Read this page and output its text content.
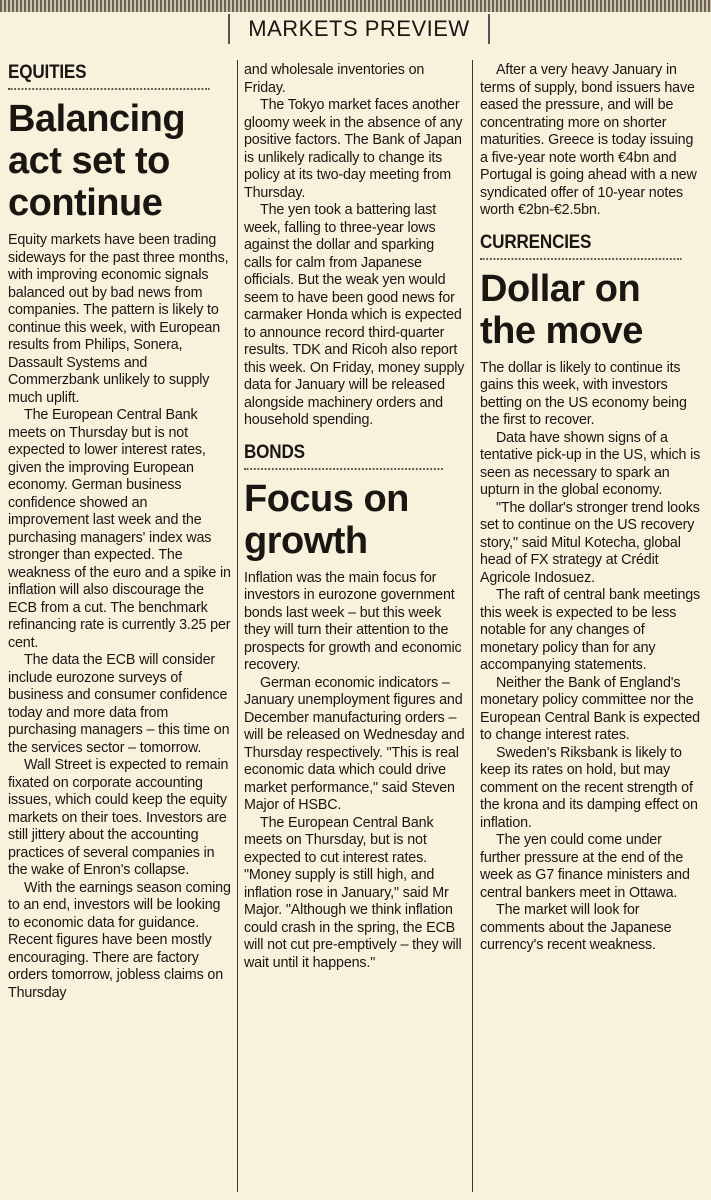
MARKETS PREVIEW
EQUITIES
Balancing
act set to
continue

Equity markets have been trading sideways for the past three months, with improving economic signals balanced out by bad news from companies. The pattern is likely to continue this week, with European results from Philips, Sonera, Dassault Systems and Commerzbank unlikely to supply much uplift.

The European Central Bank meets on Thursday but is not expected to lower interest rates, given the improving European economy. German business confidence showed an improvement last week and the purchasing managers' index was stronger than expected. The weakness of the euro and a spike in inflation will also discourage the ECB from a cut. The benchmark refinancing rate is currently 3.25 per cent.

The data the ECB will consider include eurozone surveys of business and consumer confidence today and more data from purchasing managers – this time on the services sector – tomorrow.

Wall Street is expected to remain fixated on corporate accounting issues, which could keep the equity markets on their toes. Investors are still jittery about the accounting practices of several companies in the wake of Enron's collapse.

With the earnings season coming to an end, investors will be looking to economic data for guidance. Recent figures have been mostly encouraging. There are factory orders tomorrow, jobless claims on Thursday

and wholesale inventories on Friday.

The Tokyo market faces another gloomy week in the absence of any positive factors. The Bank of Japan is unlikely radically to change its policy at its two-day meeting from Thursday.

The yen took a battering last week, falling to three-year lows against the dollar and sparking calls for calm from Japanese officials. But the weak yen would seem to have been good news for carmaker Honda which is expected to announce record third-quarter results. TDK and Ricoh also report this week. On Friday, money supply data for January will be released alongside machinery orders and household spending.

BONDS
Focus on
growth

Inflation was the main focus for investors in eurozone government bonds last week – but this week they will turn their attention to the prospects for growth and economic recovery.

German economic indicators – January unemployment figures and December manufacturing orders – will be released on Wednesday and Thursday respectively. "This is real economic data which could drive market performance," said Steven Major of HSBC.

The European Central Bank meets on Thursday, but is not expected to cut interest rates. "Money supply is still high, and inflation rose in January," said Mr Major. "Although we think inflation could crash in the spring, the ECB will not cut pre-emptively – they will wait until it happens."

After a very heavy January in terms of supply, bond issuers have eased the pressure, and will be concentrating more on shorter maturities. Greece is today issuing a five-year note worth €4bn and Portugal is going ahead with a new syndicated offer of 10-year notes worth €2bn-€2.5bn.

CURRENCIES
Dollar on
the move

The dollar is likely to continue its gains this week, with investors betting on the US economy being the first to recover.

Data have shown signs of a tentative pick-up in the US, which is seen as necessary to spark an upturn in the global economy.

"The dollar's stronger trend looks set to continue on the US recovery story," said Mitul Kotecha, global head of FX strategy at Crédit Agricole Indosuez.

The raft of central bank meetings this week is expected to be less notable for any changes of monetary policy than for any accompanying statements.

Neither the Bank of England's monetary policy committee nor the European Central Bank is expected to change interest rates.

Sweden's Riksbank is likely to keep its rates on hold, but may comment on the recent strength of the krona and its damping effect on inflation.

The yen could come under further pressure at the end of the week as G7 finance ministers and central bankers meet in Ottawa.

The market will look for comments about the Japanese currency's recent weakness.
